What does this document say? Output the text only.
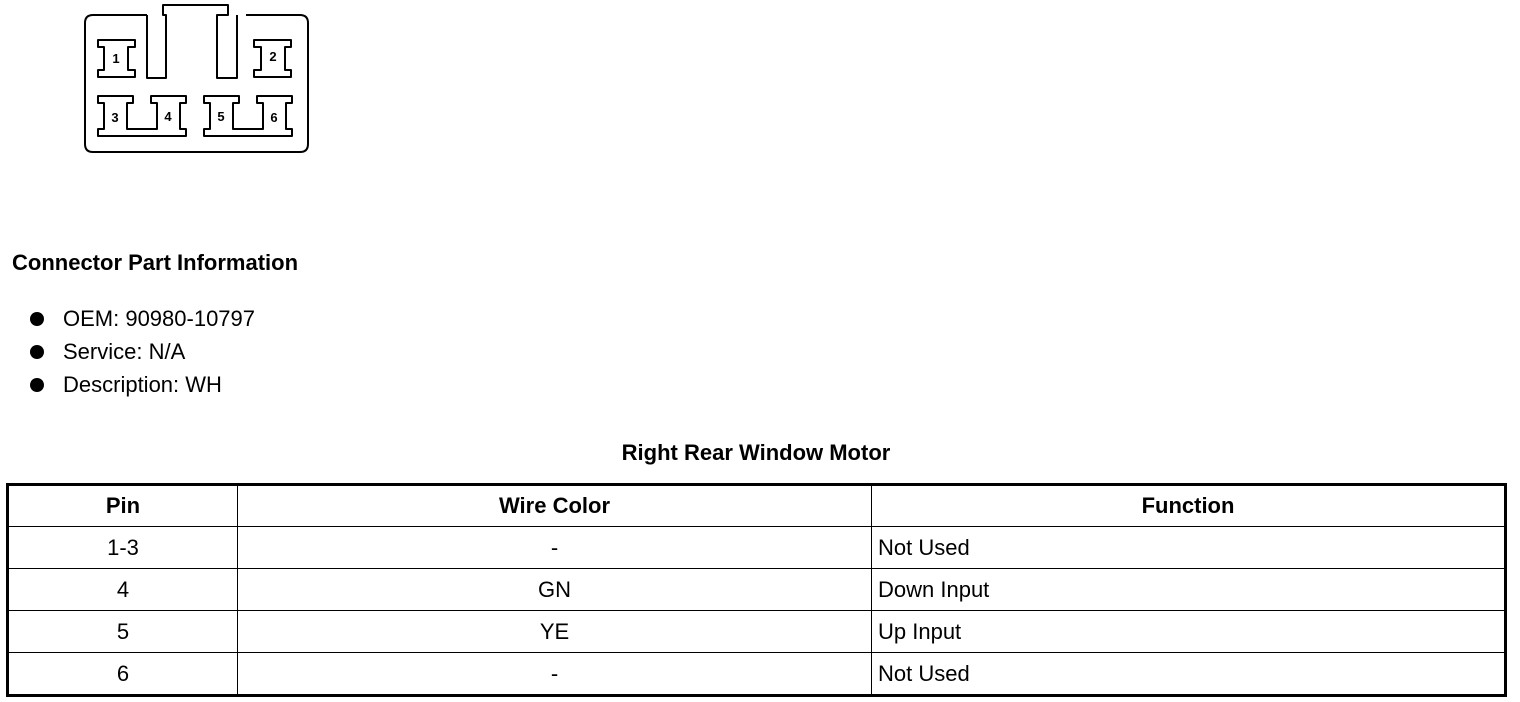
1	2
3	4	5	6
Connector Part Information
OEM: 90980-10797
Service: N/A
Description: WH
Right Rear Window Motor
Pin	Wire Color	Function
1-3	-	Not Used
4	GN	Down Input
5	YE	Up Input
6	-	Not Used
